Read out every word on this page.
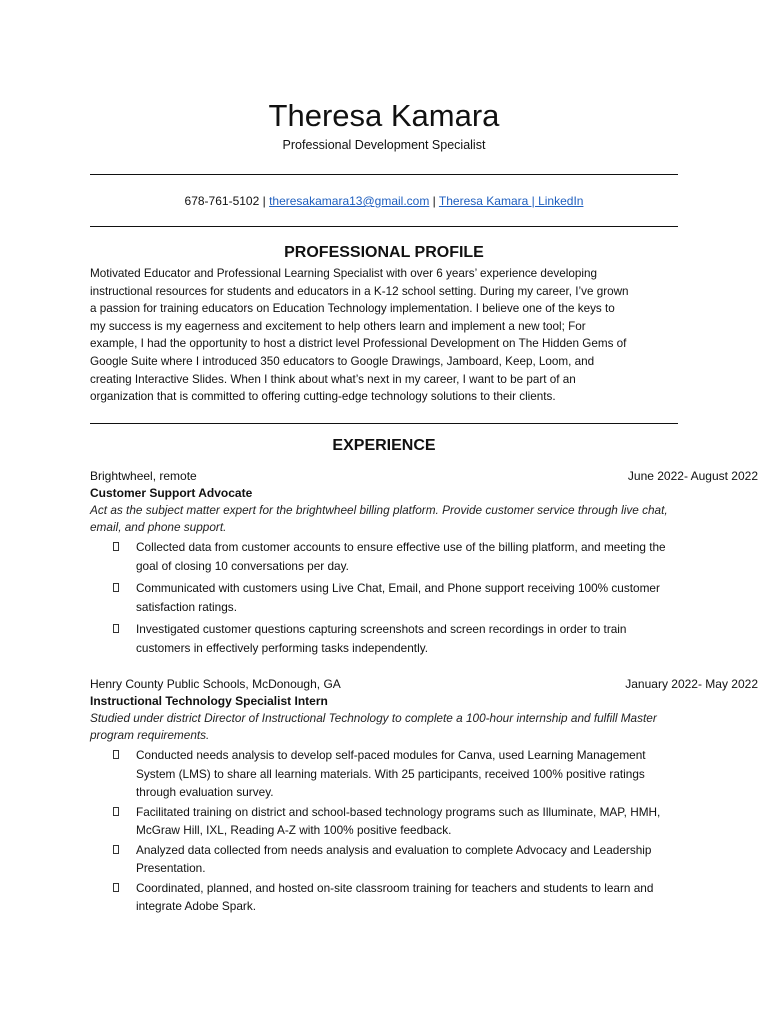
Theresa Kamara
Professional Development Specialist
678-761-5102 | theresakamara13@gmail.com | Theresa Kamara | LinkedIn
PROFESSIONAL PROFILE

Motivated Educator and Professional Learning Specialist with over 6 years’ experience developing
instructional resources for students and educators in a K-12 school setting. During my career, I’ve grown
a passion for training educators on Education Technology implementation. I believe one of the keys to
my success is my eagerness and excitement to help others learn and implement a new tool; For
example, I had the opportunity to host a district level Professional Development on The Hidden Gems of
Google Suite where I introduced 350 educators to Google Drawings, Jamboard, Keep, Loom, and
creating Interactive Slides. When I think about what’s next in my career, I want to be part of an
organization that is committed to offering cutting-edge technology solutions to their clients.

EXPERIENCE
Brightwheel, remote	June 2022- August 2022
Customer Support Advocate
Act as the subject matter expert for the brightwheel billing platform. Provide customer service through live chat, email, and phone support.
Collected data from customer accounts to ensure effective use of the billing platform, and meeting the goal of closing 10 conversations per day.
Communicated with customers using Live Chat, Email, and Phone support receiving 100% customer satisfaction ratings.
Investigated customer questions capturing screenshots and screen recordings in order to train customers in effectively performing tasks independently.
Henry County Public Schools, McDonough, GA	January 2022- May 2022
Instructional Technology Specialist Intern
Studied under district Director of Instructional Technology to complete a 100-hour internship and fulfill Master program requirements.
Conducted needs analysis to develop self-paced modules for Canva, used Learning Management System (LMS) to share all learning materials. With 25 participants, received 100% positive ratings through evaluation survey.
Facilitated training on district and school-based technology programs such as Illuminate, MAP, HMH, McGraw Hill, IXL, Reading A-Z with 100% positive feedback.
Analyzed data collected from needs analysis and evaluation to complete Advocacy and Leadership Presentation.
Coordinated, planned, and hosted on-site classroom training for teachers and students to learn and integrate Adobe Spark.
